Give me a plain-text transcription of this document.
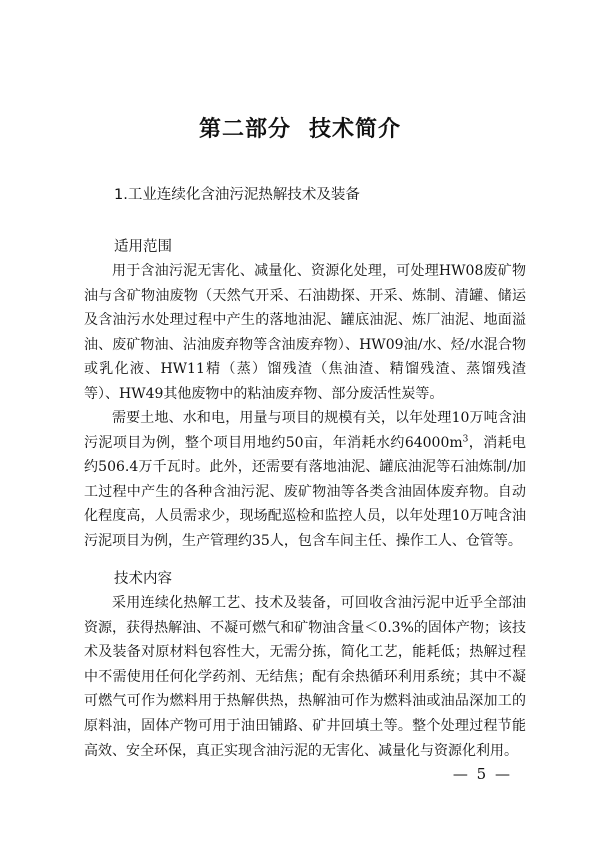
第二部分 技术简介
1.工业连续化含油污泥热解技术及装备
适用范围
用于含油污泥无害化、减量化、资源化处理，可处理HW08废矿物油与含矿物油废物（天然气开采、石油勘探、开采、炼制、清罐、储运及含油污水处理过程中产生的落地油泥、罐底油泥、炼厂油泥、地面溢油、废矿物油、沾油废弃物等含油废弃物）、HW09油/水、烃/水混合物或乳化液、HW11精（蒸）馏残渣（焦油渣、精馏残渣、蒸馏残渣等）、HW49其他废物中的粘油废弃物、部分废活性炭等。
需要土地、水和电，用量与项目的规模有关，以年处理10万吨含油污泥项目为例，整个项目用地约50亩，年消耗水约$64000m^3$，消耗电约506.4万千瓦时。此外，还需要有落地油泥、罐底油泥等石油炼制/加工过程中产生的各种含油污泥、废矿物油等各类含油固体废弃物。自动化程度高，人员需求少，现场配巡检和监控人员，以年处理10万吨含油污泥项目为例，生产管理约35人，包含车间主任、操作工人、仓管等。
技术内容
采用连续化热解工艺、技术及装备，可回收含油污泥中近乎全部油资源，获得热解油、不凝可燃气和矿物油含量＜0.3%的固体产物；该技术及装备对原材料包容性大，无需分拣，简化工艺，能耗低；热解过程中不需使用任何化学药剂、无结焦；配有余热循环利用系统；其中不凝可燃气可作为燃料用于热解供热，热解油可作为燃料油或油品深加工的原料油，固体产物可用于油田铺路、矿井回填土等。整个处理过程节能高效、安全环保，真正实现含油污泥的无害化、减量化与资源化利用。
— 5 —
